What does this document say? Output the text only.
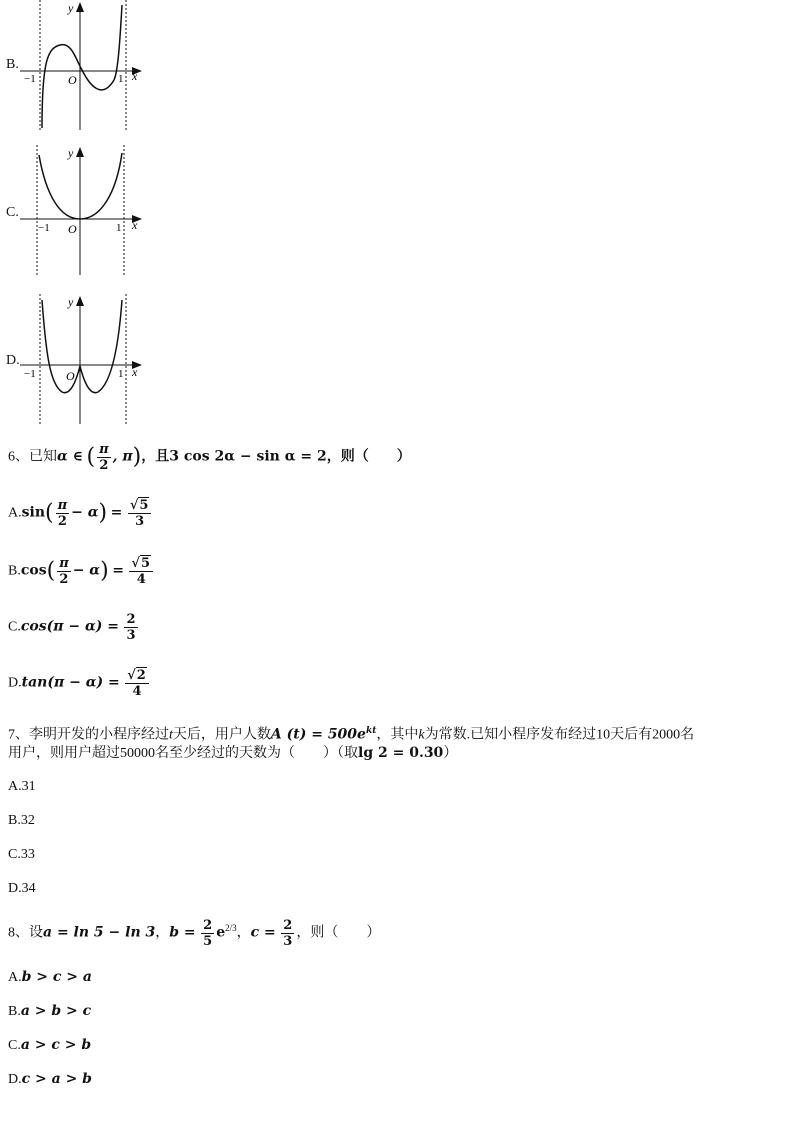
B.
y
x
O
−1	1
C.
y
x
O
−1	1
D.
y
x
O
−1	1
6、已知α ∈ ( $\frac{\pi}{2}$ , π)，且3 cos 2α − sin α = 2，则（　　）
$A.\sin( \frac{\pi}{2} - \alpha) = \frac{√5}{3}$
$B.\cos( \frac{\pi}{2} - \alpha) = \frac{√5}{4}$
$C.\cos(\pi - \alpha) = \frac{2}{3}$
$D.\tan(\pi - \alpha) = \frac{√2}{4}$
7、李明开发的小程序经过t天后，用户人数A $(t) = 500e^{kt}$，其中k为常数.已知小程序发布经过10天后有2000名
用户，则用户超过50000名至少经过的天数为（　　）（取lg 2 = 0.30）
A.31
B.32
C.33
D.34
8、设a = ln 5 − ln 3，$b = \frac{2}{5} e^{2/3}$，$c = \frac{2}{3}$ ，则（　　）
A.b > c > a
B.a > b > c
C.a > c > b
D.c > a > b
